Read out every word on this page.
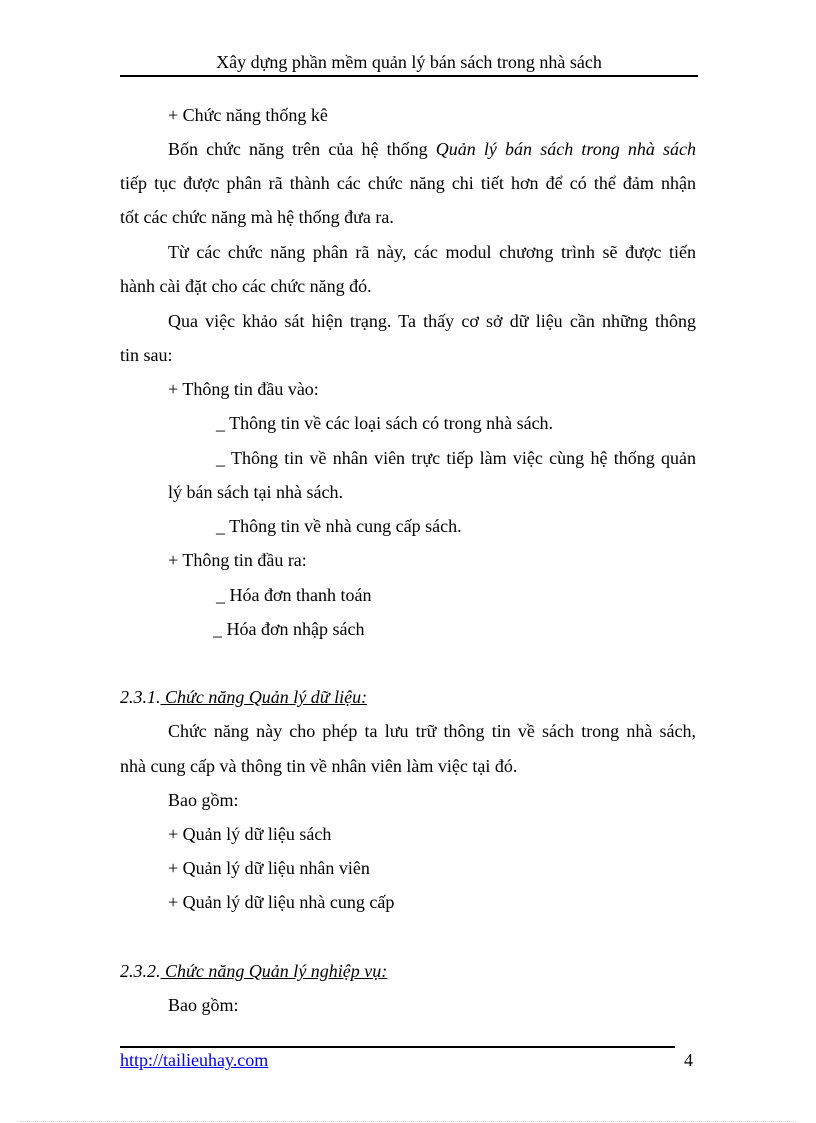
Xây dựng phần mềm quản lý bán sách trong nhà sách
+ Chức năng thống kê
Bốn chức năng trên của hệ thống Quản lý bán sách trong nhà sách
tiếp tục được phân rã thành các chức năng chi tiết hơn để có thể đảm nhận
tốt các chức năng mà hệ thống đưa ra.
Từ các chức năng phân rã này, các modul chương trình sẽ được tiến
hành cài đặt cho các chức năng đó.
Qua việc khảo sát hiện trạng. Ta thấy cơ sở dữ liệu cần những thông
tin sau:
+ Thông tin đầu vào:
_ Thông tin về các loại sách có trong nhà sách.
_ Thông tin về nhân viên trực tiếp làm việc cùng hệ thống quản
lý bán sách tại nhà sách.
_ Thông tin về nhà cung cấp sách.
+ Thông tin đầu ra:
_ Hóa đơn thanh toán
_ Hóa đơn nhập sách
2.3.1. Chức năng Quản lý dữ liệu:
Chức năng này cho phép ta lưu trữ thông tin về sách trong nhà sách,
nhà cung cấp và thông tin về nhân viên làm việc tại đó.
Bao gồm:
+ Quản lý dữ liệu sách
+ Quản lý dữ liệu nhân viên
+ Quản lý dữ liệu nhà cung cấp
2.3.2. Chức năng Quản lý nghiệp vụ:
Bao gồm:
http://tailieuhay.com	4
